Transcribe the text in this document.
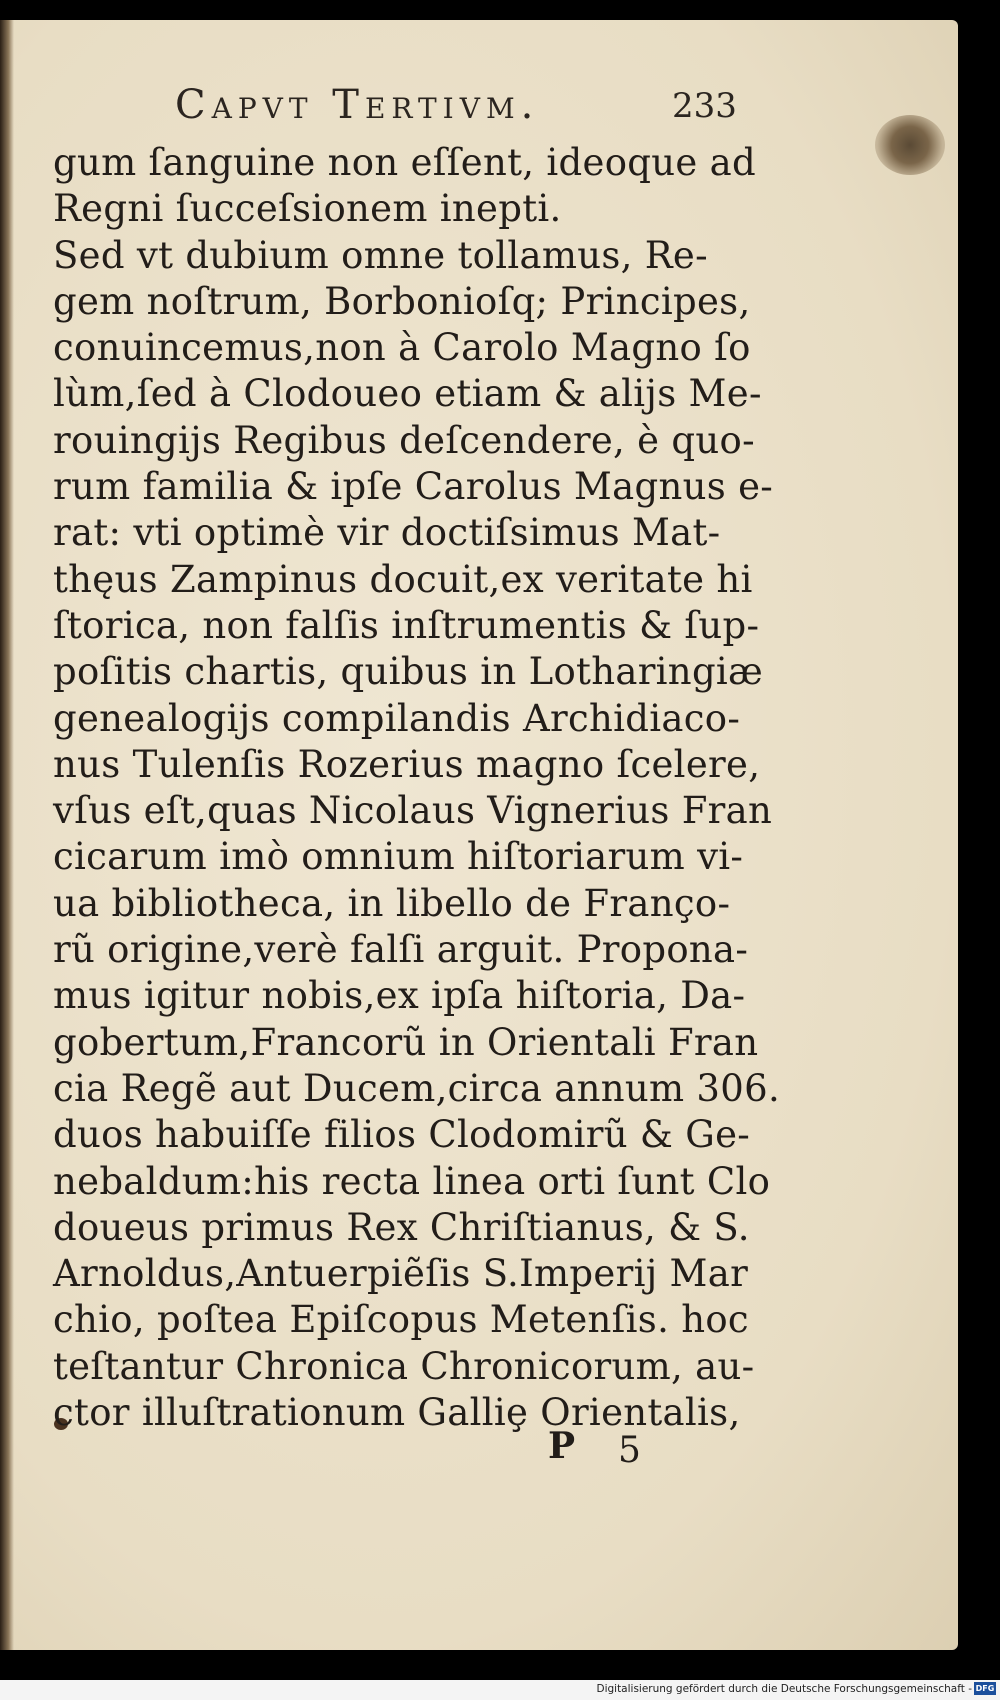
Capvt Tertivm.	233
gum ſanguine non eſſent, ideoque ad
Regni ſucceſsionem inepti.
Sed vt dubium omne tollamus, Re-
gem noſtrum, Borbonioſq; Principes,
conuincemus,non à Carolo Magno ſo
lùm,ſed à Clodoueo etiam & alijs Me-
rouingijs Regibus deſcendere, è quo-
rum familia & ipſe Carolus Magnus e-
rat: vti optimè vir doctiſsimus Mat-
thęus Zampinus docuit,ex veritate hi
ſtorica, non falſis inſtrumentis & ſup-
poſitis chartis, quibus in Lotharingiæ
genealogijs compilandis Archidiaco-
nus Tulenſis Rozerius magno ſcelere,
vſus eſt,quas Nicolaus Vignerius Fran
cicarum imò omnium hiſtoriarum vi-
ua bibliotheca, in libello de Franço-
rũ origine,verè falſi arguit. Propona-
mus igitur nobis,ex ipſa hiſtoria, Da-
gobertum,Francorũ in Orientali Fran
cia Regẽ aut Ducem,circa annum 306.
duos habuiſſe filios Clodomirũ & Ge-
nebaldum:his recta linea orti ſunt Clo
doueus primus Rex Chriſtianus, & S.
Arnoldus,Antuerpiẽſis S.Imperij Mar
chio, poſtea Epiſcopus Metenſis. hoc
teſtantur Chronica Chronicorum, au-
ctor illuſtrationum Galliȩ Orientalis,
P 5
Digitalisierung gefördert durch die Deutsche Forschungsgemeinschaft - DFG
